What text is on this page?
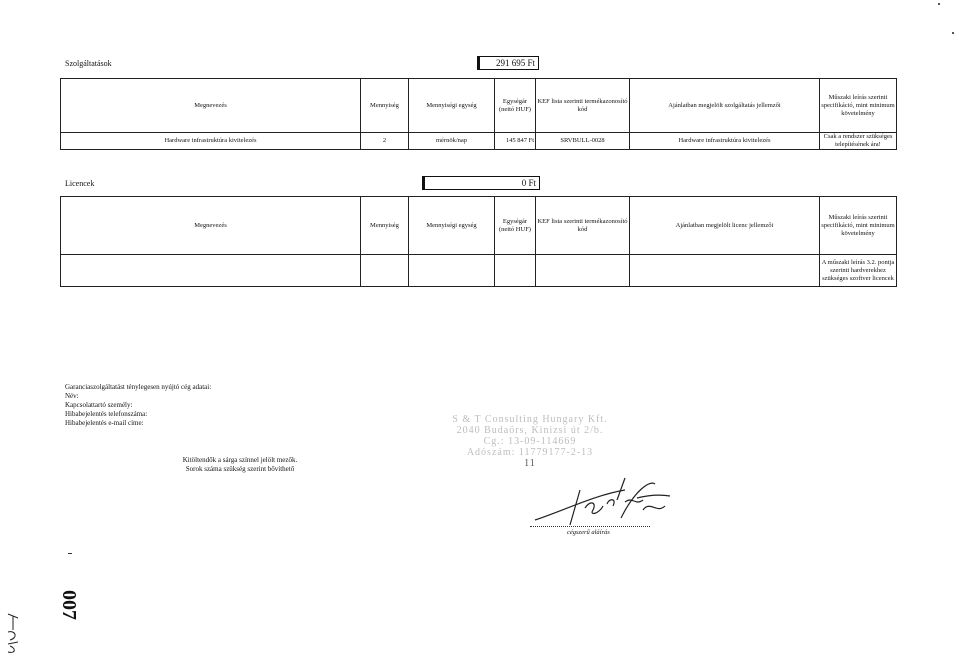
Szolgáltatások	291 695 Ft
Megnevezés	Mennyiség	Mennyiségi egység	Egységár (nettó HUF)	KEF lista szerinti termékazonosító kód	Ajánlatban megjelölt szolgáltatás jellemzői	Műszaki leírás szerinti specifikáció, mint minimum követelmény
Hardware infrastruktúra kivitelezés	2	mérnök/nap	145 847 Ft	SRVBULL-0028	Hardware infrastruktúra kivitelezés	Csak a rendszer szükséges telepítésének ára!
Licencek	0 Ft
Megnevezés	Mennyiség	Mennyiségi egység	Egységár (nettó HUF)	KEF lista szerinti termékazonosító kód	Ajánlatban megjelölt licenc jellemzői	Műszaki leírás szerinti specifikáció, mint minimum követelmény
						A műszaki leírás 3.2. pontja szerinti hardverekhez szükséges szoftver licencek
Garanciaszolgáltatást ténylegesen nyújtó cég adatai:
Név:
Kapcsolattartó személy:
Hibabejelentés telefonszáma:
Hibabejelentés e-mail címe:
Kitöltendők a sárga színnel jelölt mezők.
Sorok száma szükség szerint bővíthető
S & T Consulting Hungary Kft.
2040 Budaörs, Kinizsi út 2/b.
Cg.: 13-09-114669
Adószám: 11779177-2-13
11
cégszerű aláírás
007
